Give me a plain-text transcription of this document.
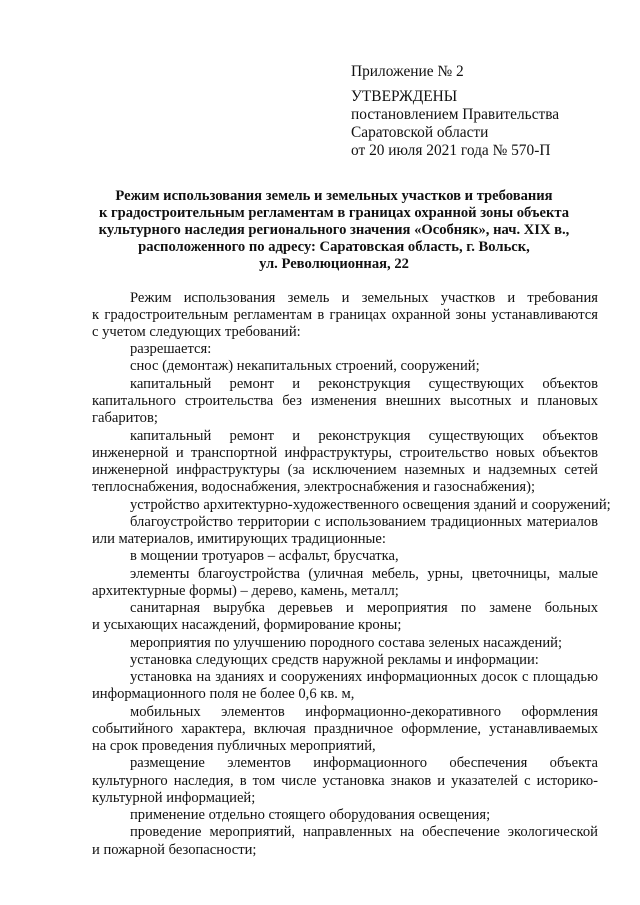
Приложение № 2
УТВЕРЖДЕНЫ
постановлением Правительства
Саратовской области
от 20 июля 2021 года № 570-П
Режим использования земель и земельных участков и требования
к градостроительным регламентам в границах охранной зоны объекта
культурного наследия регионального значения «Особняк», нач. XIX в.,
расположенного по адресу: Саратовская область, г. Вольск,
ул. Революционная, 22
Режим использования земель и земельных участков и требования
к градостроительным регламентам в границах охранной зоны устанавливаются
с учетом следующих требований:
разрешается:
снос (демонтаж) некапитальных строений, сооружений;
капитальный ремонт и реконструкция существующих объектов
капитального строительства без изменения внешних высотных и плановых
габаритов;
капитальный ремонт и реконструкция существующих объектов
инженерной и транспортной инфраструктуры, строительство новых объектов
инженерной инфраструктуры (за исключением наземных и надземных сетей
теплоснабжения, водоснабжения, электроснабжения и газоснабжения);
устройство архитектурно-художественного освещения зданий и сооружений;
благоустройство территории с использованием традиционных материалов
или материалов, имитирующих традиционные:
в мощении тротуаров – асфальт, брусчатка,
элементы благоустройства (уличная мебель, урны, цветочницы, малые
архитектурные формы) – дерево, камень, металл;
санитарная вырубка деревьев и мероприятия по замене больных
и усыхающих насаждений, формирование кроны;
мероприятия по улучшению породного состава зеленых насаждений;
установка следующих средств наружной рекламы и информации:
установка на зданиях и сооружениях информационных досок с площадью
информационного поля не более 0,6 кв. м,
мобильных элементов информационно-декоративного оформления
событийного характера, включая праздничное оформление, устанавливаемых
на срок проведения публичных мероприятий,
размещение элементов информационного обеспечения объекта
культурного наследия, в том числе установка знаков и указателей с историко-
культурной информацией;
применение отдельно стоящего оборудования освещения;
проведение мероприятий, направленных на обеспечение экологической
и пожарной безопасности;
